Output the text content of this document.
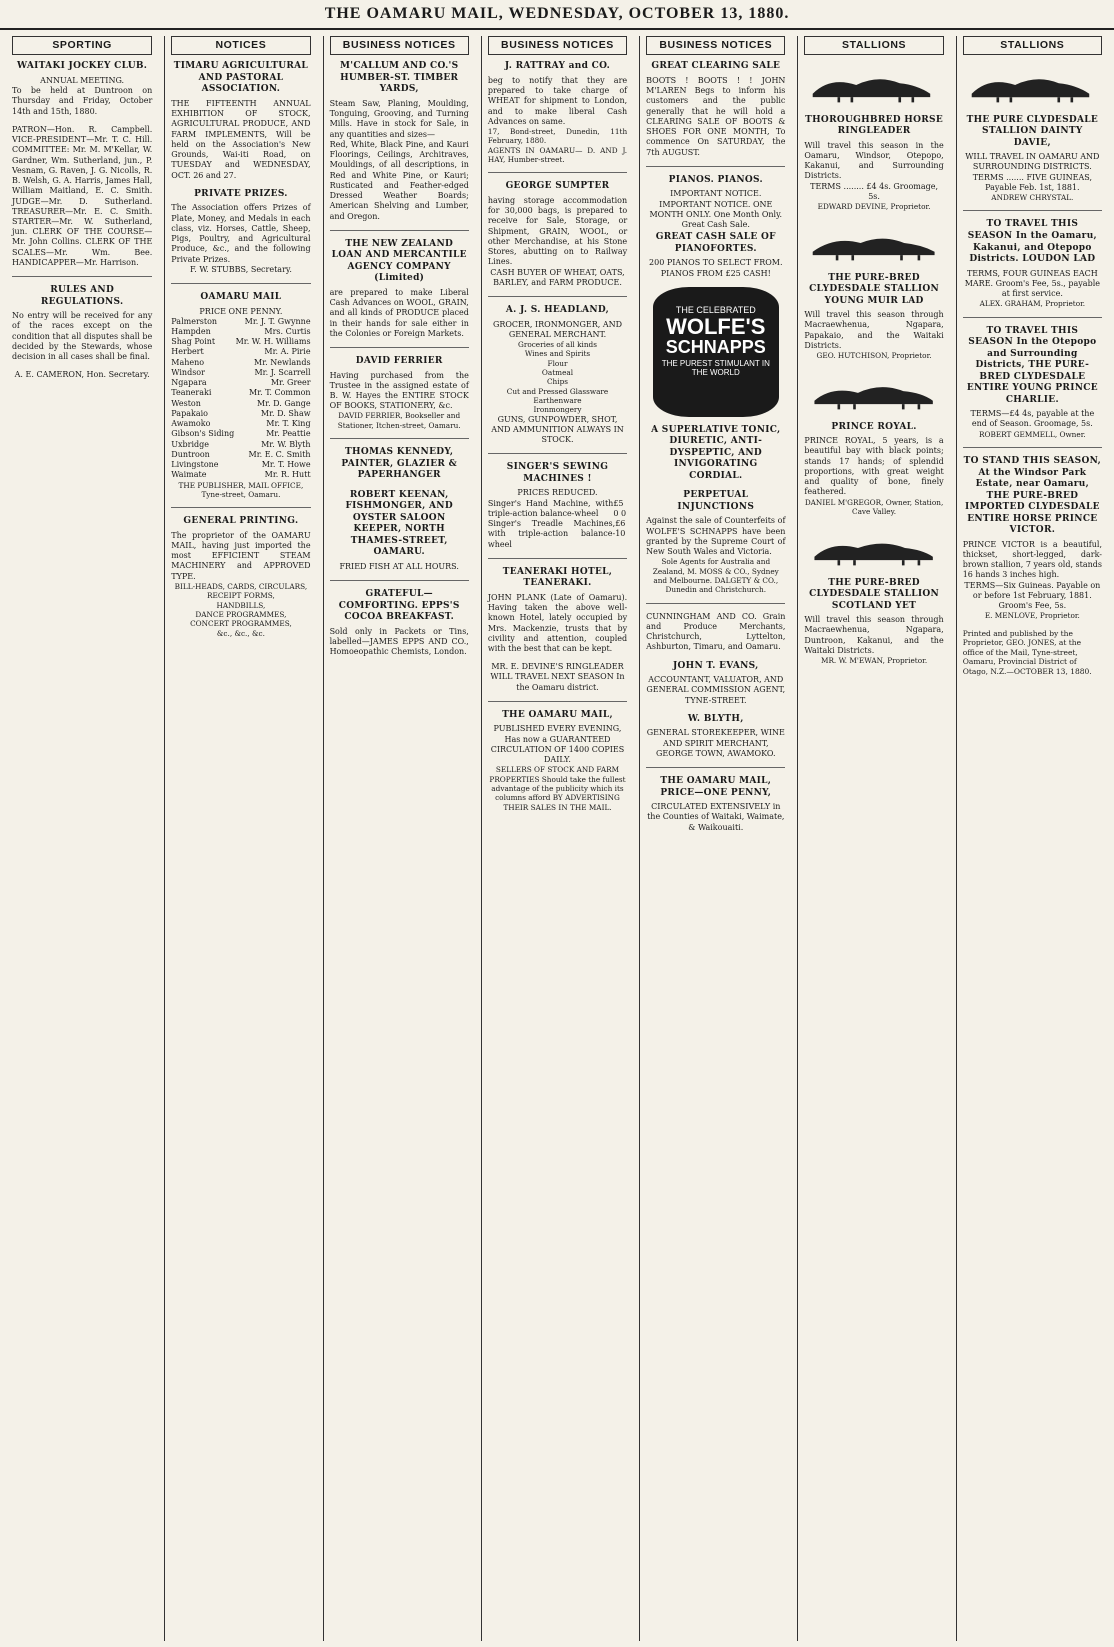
THE OAMARU MAIL, WEDNESDAY, OCTOBER 13, 1880.
SPORTING
WAITAKI JOCKEY CLUB.
ANNUAL MEETING.
To be held at Duntroon on Thursday and Friday, October 14th and 15th, 1880.
PATRON—Hon. R. Campbell. VICE-PRESIDENT—Mr. T. C. Hill. COMMITTEE: Mr. M. M'Kellar, W. Gardner, Wm. Sutherland, jun., P. Vesnam, G. Raven, J. G. Nicolls, R. B. Welsh, G. A. Harris, James Hall, William Maitland, E. C. Smith. JUDGE—Mr. D. Sutherland. TREASURER—Mr. E. C. Smith. STARTER—Mr. W. Sutherland, jun. CLERK OF THE COURSE—Mr. John Collins. CLERK OF THE SCALES—Mr. Wm. Bee. HANDICAPPER—Mr. Harrison.
RULES AND REGULATIONS.
No entry will be received for any of the races except on the condition that all disputes shall be decided by the Stewards, whose decision in all cases shall be final.
A. E. CAMERON, Hon. Secretary.
NOTICES
TIMARU AGRICULTURAL AND PASTORAL ASSOCIATION.
THE FIFTEENTH ANNUAL EXHIBITION OF STOCK, AGRICULTURAL PRODUCE, AND FARM IMPLEMENTS, Will be held on the Association's New Grounds, Wai-iti Road, on TUESDAY and WEDNESDAY, OCT. 26 and 27.
PRIVATE PRIZES.
The Association offers Prizes of Plate, Money, and Medals in each class, viz. Horses, Cattle, Sheep, Pigs, Poultry, and Agricultural Produce, &c., and the following Private Prizes.
F. W. STUBBS, Secretary.
OAMARU MAIL
PRICE ONE PENNY.
Palmerston	Mr. J. T. Gwynne
Hampden	Mrs. Curtis
Shag Point	Mr. W. H. Williams
Herbert	Mr. A. Pirie
Maheno	Mr. Newlands
Windsor	Mr. J. Scarrell
Ngapara	Mr. Greer
Teaneraki	Mr. T. Common
Weston	Mr. D. Gange
Papakaio	Mr. D. Shaw
Awamoko	Mr. T. King
Gibson's Siding	Mr. Peattie
Uxbridge	Mr. W. Blyth
Duntroon	Mr. E. C. Smith
Livingstone	Mr. T. Howe
Waimate	Mr. R. Hutt
THE PUBLISHER, MAIL OFFICE, Tyne-street, Oamaru.
GENERAL PRINTING.
The proprietor of the OAMARU MAIL, having just imported the most EFFICIENT STEAM MACHINERY and APPROVED TYPE.
BILL-HEADS, CARDS, CIRCULARS,
RECEIPT FORMS,
HANDBILLS,
DANCE PROGRAMMES,
CONCERT PROGRAMMES,
&c., &c., &c.
BUSINESS NOTICES
M'CALLUM AND CO.'S HUMBER-ST. TIMBER YARDS,
Steam Saw, Planing, Moulding, Tonguing, Grooving, and Turning Mills. Have in stock for Sale, in any quantities and sizes—
Red, White, Black Pine, and Kauri Floorings, Ceilings, Architraves, Mouldings, of all descriptions, in Red and White Pine, or Kauri; Rusticated and Feather-edged Dressed Weather Boards; American Shelving and Lumber, and Oregon.
THE NEW ZEALAND LOAN AND MERCANTILE AGENCY COMPANY (Limited)
are prepared to make Liberal Cash Advances on WOOL, GRAIN, and all kinds of PRODUCE placed in their hands for sale either in the Colonies or Foreign Markets.
DAVID FERRIER
Having purchased from the Trustee in the assigned estate of B. W. Hayes the ENTIRE STOCK OF BOOKS, STATIONERY, &c.
DAVID FERRIER, Bookseller and Stationer, Itchen-street, Oamaru.
THOMAS KENNEDY, PAINTER, GLAZIER & PAPERHANGER
ROBERT KEENAN, FISHMONGER, AND OYSTER SALOON KEEPER, NORTH THAMES-STREET, OAMARU.
FRIED FISH AT ALL HOURS.
GRATEFUL—COMFORTING. EPPS'S COCOA BREAKFAST.
Sold only in Packets or Tins, labelled—JAMES EPPS AND CO., Homoeopathic Chemists, London.
BUSINESS NOTICES
J. RATTRAY and CO.
beg to notify that they are prepared to take charge of WHEAT for shipment to London, and to make liberal Cash Advances on same.
17, Bond-street, Dunedin, 11th February, 1880.
AGENTS IN OAMARU— D. AND J. HAY, Humber-street.
GEORGE SUMPTER
having storage accommodation for 30,000 bags, is prepared to receive for Sale, Storage, or Shipment, GRAIN, WOOL, or other Merchandise, at his Stone Stores, abutting on to Railway Lines.
CASH BUYER OF WHEAT, OATS, BARLEY, and FARM PRODUCE.
A. J. S. HEADLAND,
GROCER, IRONMONGER, AND GENERAL MERCHANT.
Groceries of all kinds
Wines and Spirits
Flour
Oatmeal
Chips
Cut and Pressed Glassware
Earthenware
Ironmongery
GUNS, GUNPOWDER, SHOT, AND AMMUNITION ALWAYS IN STOCK.
SINGER'S SEWING MACHINES !
PRICES REDUCED.
Singer's Hand Machine, with triple-action balance-wheel
£5 0 0
Singer's Treadle Machines, with triple-action balance-wheel
£6 10
TEANERAKI HOTEL, TEANERAKI.
JOHN PLANK (Late of Oamaru). Having taken the above well-known Hotel, lately occupied by Mrs. Mackenzie, trusts that by civility and attention, coupled with the best that can be kept.
MR. E. DEVINE'S RINGLEADER WILL TRAVEL NEXT SEASON In the Oamaru district.
THE OAMARU MAIL,
PUBLISHED EVERY EVENING, Has now a GUARANTEED CIRCULATION OF 1400 COPIES DAILY.
SELLERS OF STOCK AND FARM PROPERTIES Should take the fullest advantage of the publicity which its columns afford BY ADVERTISING THEIR SALES IN THE MAIL.
BUSINESS NOTICES
GREAT CLEARING SALE
BOOTS ! BOOTS ! ! JOHN M'LAREN Begs to inform his customers and the public generally that he will hold a CLEARING SALE OF BOOTS & SHOES FOR ONE MONTH, To commence On SATURDAY, the 7th AUGUST.
PIANOS. PIANOS.
IMPORTANT NOTICE. IMPORTANT NOTICE. ONE MONTH ONLY. One Month Only. Great Cash Sale.
GREAT CASH SALE OF PIANOFORTES.
200 PIANOS TO SELECT FROM. PIANOS FROM £25 CASH!
THE CELEBRATED
WOLFE'S
SCHNAPPS
THE PUREST STIMULANT IN THE WORLD
A SUPERLATIVE TONIC, DIURETIC, ANTI-DYSPEPTIC, AND INVIGORATING CORDIAL.
PERPETUAL INJUNCTIONS
Against the sale of Counterfeits of WOLFE'S SCHNAPPS have been granted by the Supreme Court of New South Wales and Victoria.
Sole Agents for Australia and Zealand, M. MOSS & CO., Sydney and Melbourne. DALGETY & CO., Dunedin and Christchurch.
CUNNINGHAM AND CO. Grain and Produce Merchants, Christchurch, Lyttelton, Ashburton, Timaru, and Oamaru.
JOHN T. EVANS,
ACCOUNTANT, VALUATOR, AND GENERAL COMMISSION AGENT, TYNE-STREET.
W. BLYTH,
GENERAL STOREKEEPER, WINE AND SPIRIT MERCHANT, GEORGE TOWN, AWAMOKO.
THE OAMARU MAIL, PRICE—ONE PENNY,
CIRCULATED EXTENSIVELY in the Counties of Waitaki, Waimate, & Waikouaiti.
STALLIONS
THOROUGHBRED HORSE RINGLEADER
Will travel this season in the Oamaru, Windsor, Otepopo, Kakanui, and Surrounding Districts.
TERMS ........ £4 4s. Groomage, 5s.
EDWARD DEVINE, Proprietor.
THE PURE-BRED CLYDESDALE STALLION YOUNG MUIR LAD
Will travel this season through Macraewhenua, Ngapara, Papakaio, and the Waitaki Districts.
GEO. HUTCHISON, Proprietor.
PRINCE ROYAL.
PRINCE ROYAL, 5 years, is a beautiful bay with black points; stands 17 hands; of splendid proportions, with great weight and quality of bone, finely feathered.
DANIEL M'GREGOR, Owner, Station, Cave Valley.
THE PURE-BRED CLYDESDALE STALLION SCOTLAND YET
Will travel this season through Macraewhenua, Ngapara, Duntroon, Kakanui, and the Waitaki Districts.
MR. W. M'EWAN, Proprietor.
STALLIONS
THE PURE CLYDESDALE STALLION DAINTY DAVIE,
WILL TRAVEL IN OAMARU AND SURROUNDING DISTRICTS.
TERMS ....... FIVE GUINEAS, Payable Feb. 1st, 1881.
ANDREW CHRYSTAL.
TO TRAVEL THIS SEASON In the Oamaru, Kakanui, and Otepopo Districts. LOUDON LAD
TERMS, FOUR GUINEAS EACH MARE. Groom's Fee, 5s., payable at first service.
ALEX. GRAHAM, Proprietor.
TO TRAVEL THIS SEASON In the Otepopo and Surrounding Districts, THE PURE-BRED CLYDESDALE ENTIRE YOUNG PRINCE CHARLIE.
TERMS—£4 4s, payable at the end of Season. Groomage, 5s.
ROBERT GEMMELL, Owner.
TO STAND THIS SEASON, At the Windsor Park Estate, near Oamaru, THE PURE-BRED IMPORTED CLYDESDALE ENTIRE HORSE PRINCE VICTOR.
PRINCE VICTOR is a beautiful, thickset, short-legged, dark-brown stallion, 7 years old, stands 16 hands 3 inches high.
TERMS—Six Guineas. Payable on or before 1st February, 1881. Groom's Fee, 5s.
E. MENLOVE, Proprietor.
Printed and published by the Proprietor, GEO. JONES, at the office of the Mail, Tyne-street, Oamaru, Provincial District of Otago, N.Z.—OCTOBER 13, 1880.
